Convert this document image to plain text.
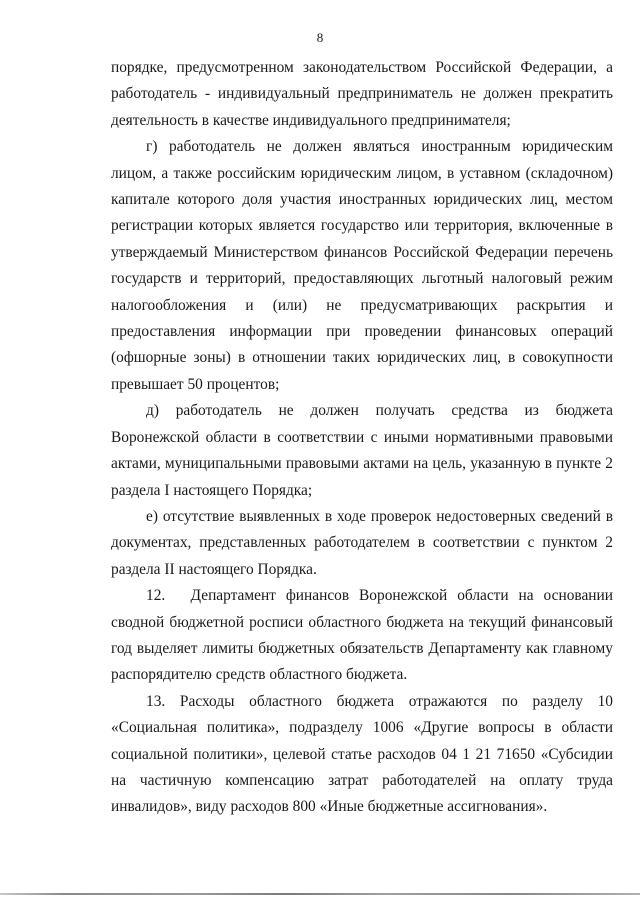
8

порядке, предусмотренном законодательством Российской Федерации, а работодатель - индивидуальный предприниматель не должен прекратить деятельность в качестве индивидуального предпринимателя;

г) работодатель не должен являться иностранным юридическим лицом, а также российским юридическим лицом, в уставном (складочном) капитале которого доля участия иностранных юридических лиц, местом регистрации которых является государство или территория, включенные в утверждаемый Министерством финансов Российской Федерации перечень государств и территорий, предоставляющих льготный налоговый режим налогообложения и (или) не предусматривающих раскрытия и предоставления информации при проведении финансовых операций (офшорные зоны) в отношении таких юридических лиц, в совокупности превышает 50 процентов;

д) работодатель не должен получать средства из бюджета Воронежской области в соответствии с иными нормативными правовыми актами, муниципальными правовыми актами на цель, указанную в пункте 2 раздела I настоящего Порядка;

е) отсутствие выявленных в ходе проверок недостоверных сведений в документах, представленных работодателем в соответствии с пунктом 2 раздела II настоящего Порядка.

12.  Департамент финансов Воронежской области на основании сводной бюджетной росписи областного бюджета на текущий финансовый год выделяет лимиты бюджетных обязательств Департаменту как главному распорядителю средств областного бюджета.

13. Расходы областного бюджета отражаются по разделу 10 «Социальная политика», подразделу 1006 «Другие вопросы в области социальной политики», целевой статье расходов 04 1 21 71650 «Субсидии на частичную компенсацию затрат работодателей на оплату труда инвалидов», виду расходов 800 «Иные бюджетные ассигнования».
